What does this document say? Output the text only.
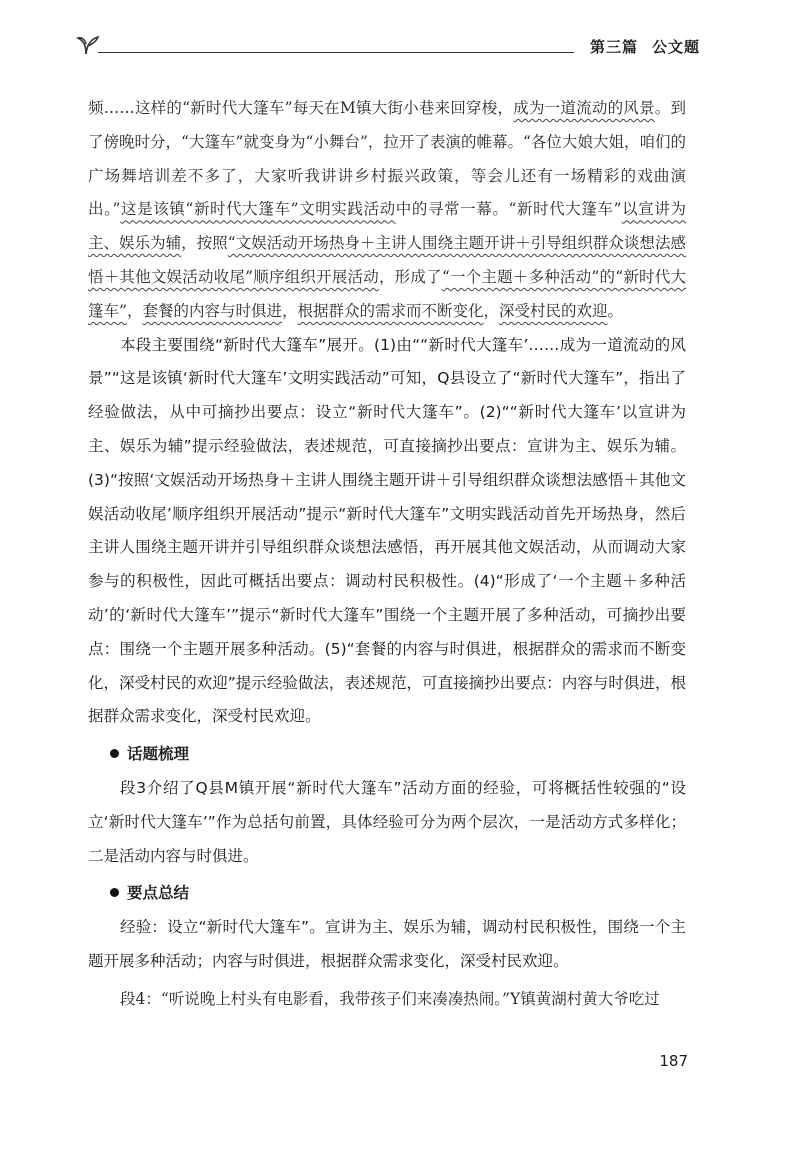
第三篇 公文题

频……这样的“新时代大篷车”每天在M镇大街小巷来回穿梭，成为一道流动的风景。到了傍晚时分，“大篷车”就变身为“小舞台”，拉开了表演的帷幕。“各位大娘大姐，咱们的广场舞培训差不多了，大家听我讲讲乡村振兴政策，等会儿还有一场精彩的戏曲演出。”这是该镇“新时代大篷车”文明实践活动中的寻常一幕。“新时代大篷车”以宣讲为主、娱乐为辅，按照“文娱活动开场热身＋主讲人围绕主题开讲＋引导组织群众谈想法感悟＋其他文娱活动收尾”顺序组织开展活动，形成了“一个主题＋多种活动”的“新时代大篷车”，套餐的内容与时俱进，根据群众的需求而不断变化，深受村民的欢迎。

本段主要围绕“新时代大篷车”展开。(1)由““新时代大篷车’……成为一道流动的风景”“这是该镇‘新时代大篷车’文明实践活动”可知，Q县设立了“新时代大篷车”，指出了经验做法，从中可摘抄出要点：设立“新时代大篷车”。(2)““新时代大篷车’以宣讲为主、娱乐为辅”提示经验做法，表述规范，可直接摘抄出要点：宣讲为主、娱乐为辅。(3)“按照‘文娱活动开场热身＋主讲人围绕主题开讲＋引导组织群众谈想法感悟＋其他文娱活动收尾’顺序组织开展活动”提示“新时代大篷车”文明实践活动首先开场热身，然后主讲人围绕主题开讲并引导组织群众谈想法感悟，再开展其他文娱活动，从而调动大家参与的积极性，因此可概括出要点：调动村民积极性。(4)“形成了‘一个主题＋多种活动’的‘新时代大篷车’”提示“新时代大篷车”围绕一个主题开展了多种活动，可摘抄出要点：围绕一个主题开展多种活动。(5)“套餐的内容与时俱进，根据群众的需求而不断变化，深受村民的欢迎”提示经验做法，表述规范，可直接摘抄出要点：内容与时俱进，根据群众需求变化，深受村民欢迎。

话题梳理

段3介绍了Q县M镇开展“新时代大篷车”活动方面的经验，可将概括性较强的“设立‘新时代大篷车’”作为总括句前置，具体经验可分为两个层次，一是活动方式多样化；二是活动内容与时俱进。

要点总结

经验：设立“新时代大篷车”。宣讲为主、娱乐为辅，调动村民积极性，围绕一个主题开展多种活动；内容与时俱进，根据群众需求变化，深受村民欢迎。

段4：“听说晚上村头有电影看，我带孩子们来凑凑热闹。”Y镇黄湖村黄大爷吃过

187
